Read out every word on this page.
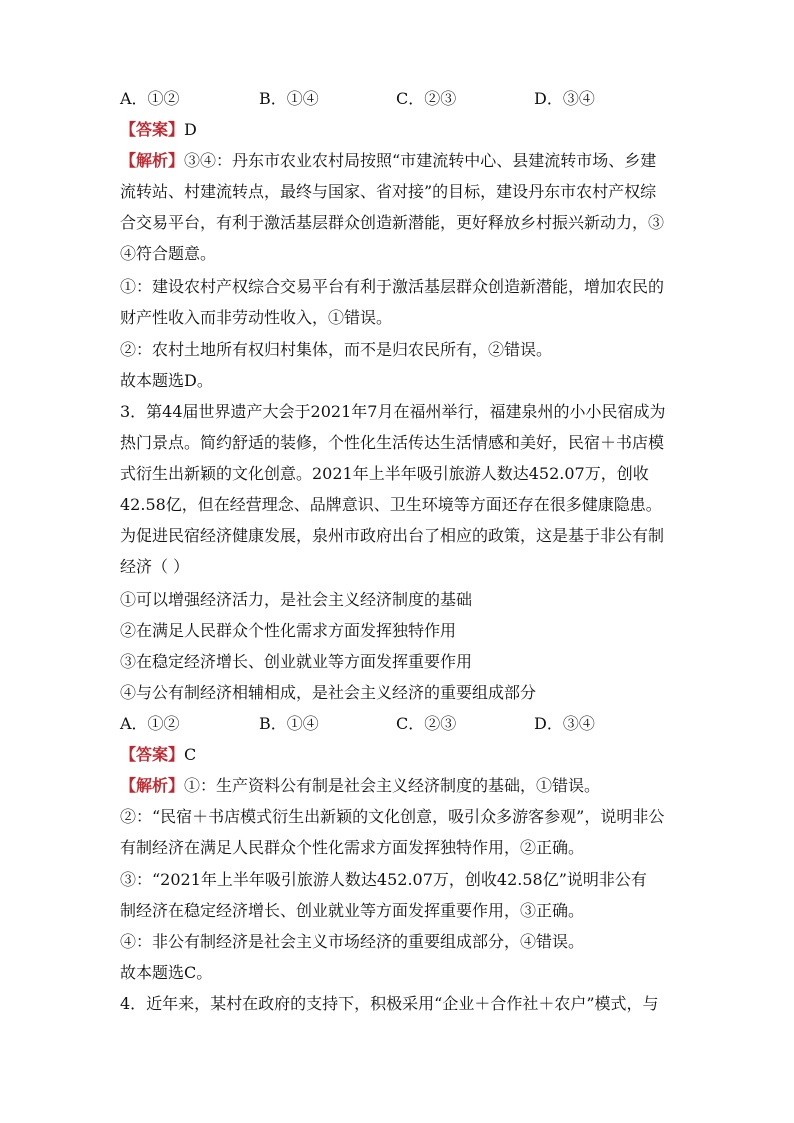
A．①②	B．①④	C．②③	D．③④
【答案】D
【解析】③④：丹东市农业农村局按照“市建流转中心、县建流转市场、乡建
流转站、村建流转点，最终与国家、省对接”的目标，建设丹东市农村产权综
合交易平台，有利于激活基层群众创造新潜能，更好释放乡村振兴新动力，③
④符合题意。
①：建设农村产权综合交易平台有利于激活基层群众创造新潜能，增加农民的
财产性收入而非劳动性收入，①错误。
②：农村土地所有权归村集体，而不是归农民所有，②错误。
故本题选D。
3．第44届世界遗产大会于2021年7月在福州举行，福建泉州的小小民宿成为
热门景点。简约舒适的装修，个性化生活传达生活情感和美好，民宿＋书店模
式衍生出新颖的文化创意。2021年上半年吸引旅游人数达452.07万，创收
42.58亿，但在经营理念、品牌意识、卫生环境等方面还存在很多健康隐患。
为促进民宿经济健康发展，泉州市政府出台了相应的政策，这是基于非公有制
经济（ ）
①可以增强经济活力，是社会主义经济制度的基础
②在满足人民群众个性化需求方面发挥独特作用
③在稳定经济增长、创业就业等方面发挥重要作用
④与公有制经济相辅相成，是社会主义经济的重要组成部分
A．①②	B．①④	C．②③	D．③④
【答案】C
【解析】①：生产资料公有制是社会主义经济制度的基础，①错误。
②：“民宿＋书店模式衍生出新颖的文化创意，吸引众多游客参观”，说明非公
有制经济在满足人民群众个性化需求方面发挥独特作用，②正确。
③：“2021年上半年吸引旅游人数达452.07万，创收42.58亿”说明非公有
制经济在稳定经济增长、创业就业等方面发挥重要作用，③正确。
④：非公有制经济是社会主义市场经济的重要组成部分，④错误。
故本题选C。
4．近年来，某村在政府的支持下，积极采用“企业＋合作社＋农户”模式，与
